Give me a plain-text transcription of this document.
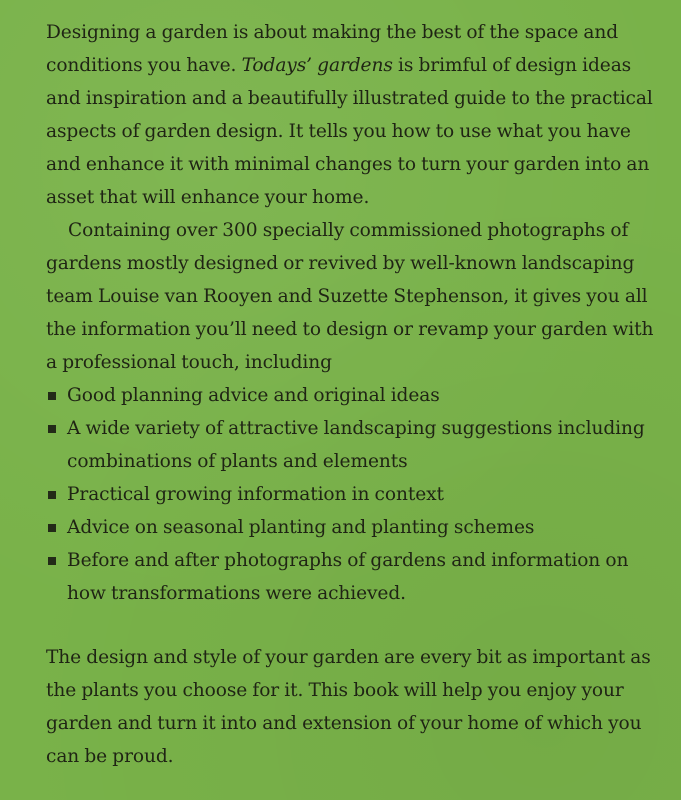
Designing a garden is about making the best of the space and conditions you have. Todays’ gardens is brimful of design ideas and inspiration and a beautifully illustrated guide to the practical aspects of garden design. It tells you how to use what you have and enhance it with minimal changes to turn your garden into an asset that will enhance your home.

Containing over 300 specially commissioned photographs of gardens mostly designed or revived by well-known landscaping team Louise van Rooyen and Suzette Stephenson, it gives you all the information you’ll need to design or revamp your garden with a professional touch, including

Good planning advice and original ideas
A wide variety of attractive landscaping suggestions including combinations of plants and elements
Practical growing information in context
Advice on seasonal planting and planting schemes
Before and after photographs of gardens and information on how transformations were achieved.

The design and style of your garden are every bit as important as the plants you choose for it. This book will help you enjoy your garden and turn it into and extension of your home of which you can be proud.
